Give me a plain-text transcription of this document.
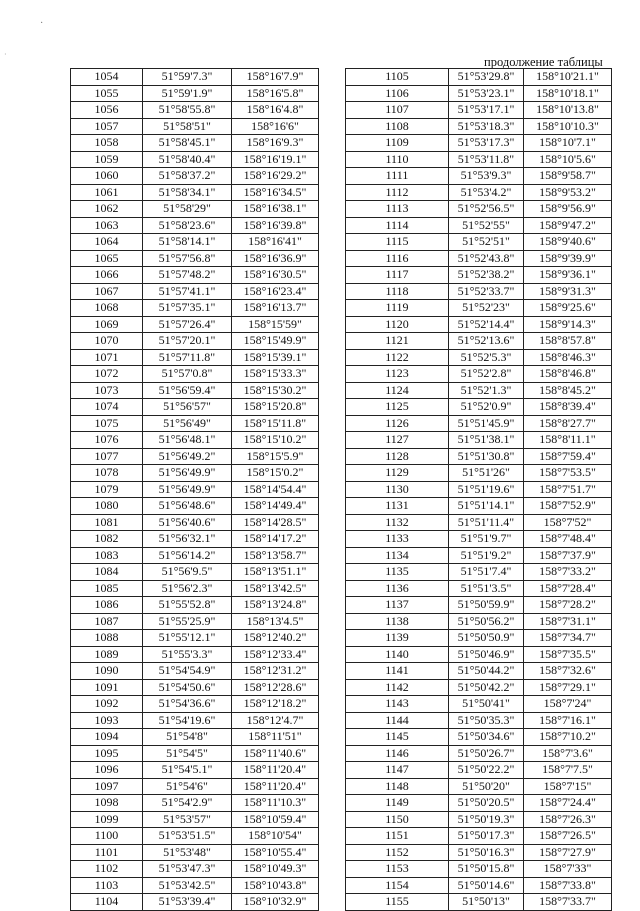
·
·
продолжение таблицы
1054	51°59'7.3"	158°16'7.9"
1055	51°59'1.9"	158°16'5.8"
1056	51°58'55.8"	158°16'4.8"
1057	51°58'51"	158°16'6"
1058	51°58'45.1"	158°16'9.3"
1059	51°58'40.4"	158°16'19.1"
1060	51°58'37.2"	158°16'29.2"
1061	51°58'34.1"	158°16'34.5"
1062	51°58'29"	158°16'38.1"
1063	51°58'23.6"	158°16'39.8"
1064	51°58'14.1"	158°16'41"
1065	51°57'56.8"	158°16'36.9"
1066	51°57'48.2"	158°16'30.5"
1067	51°57'41.1"	158°16'23.4"
1068	51°57'35.1"	158°16'13.7"
1069	51°57'26.4"	158°15'59"
1070	51°57'20.1"	158°15'49.9"
1071	51°57'11.8"	158°15'39.1"
1072	51°57'0.8"	158°15'33.3"
1073	51°56'59.4"	158°15'30.2"
1074	51°56'57"	158°15'20.8"
1075	51°56'49"	158°15'11.8"
1076	51°56'48.1"	158°15'10.2"
1077	51°56'49.2"	158°15'5.9"
1078	51°56'49.9"	158°15'0.2"
1079	51°56'49.9"	158°14'54.4"
1080	51°56'48.6"	158°14'49.4"
1081	51°56'40.6"	158°14'28.5"
1082	51°56'32.1"	158°14'17.2"
1083	51°56'14.2"	158°13'58.7"
1084	51°56'9.5"	158°13'51.1"
1085	51°56'2.3"	158°13'42.5"
1086	51°55'52.8"	158°13'24.8"
1087	51°55'25.9"	158°13'4.5"
1088	51°55'12.1"	158°12'40.2"
1089	51°55'3.3"	158°12'33.4"
1090	51°54'54.9"	158°12'31.2"
1091	51°54'50.6"	158°12'28.6"
1092	51°54'36.6"	158°12'18.2"
1093	51°54'19.6"	158°12'4.7"
1094	51°54'8"	158°11'51"
1095	51°54'5"	158°11'40.6"
1096	51°54'5.1"	158°11'20.4"
1097	51°54'6"	158°11'20.4"
1098	51°54'2.9"	158°11'10.3"
1099	51°53'57"	158°10'59.4"
1100	51°53'51.5"	158°10'54"
1101	51°53'48"	158°10'55.4"
1102	51°53'47.3"	158°10'49.3"
1103	51°53'42.5"	158°10'43.8"
1104	51°53'39.4"	158°10'32.9"
1105	51°53'29.8"	158°10'21.1"
1106	51°53'23.1"	158°10'18.1"
1107	51°53'17.1"	158°10'13.8"
1108	51°53'18.3"	158°10'10.3"
1109	51°53'17.3"	158°10'7.1"
1110	51°53'11.8"	158°10'5.6"
1111	51°53'9.3"	158°9'58.7"
1112	51°53'4.2"	158°9'53.2"
1113	51°52'56.5"	158°9'56.9"
1114	51°52'55"	158°9'47.2"
1115	51°52'51"	158°9'40.6"
1116	51°52'43.8"	158°9'39.9"
1117	51°52'38.2"	158°9'36.1"
1118	51°52'33.7"	158°9'31.3"
1119	51°52'23"	158°9'25.6"
1120	51°52'14.4"	158°9'14.3"
1121	51°52'13.6"	158°8'57.8"
1122	51°52'5.3"	158°8'46.3"
1123	51°52'2.8"	158°8'46.8"
1124	51°52'1.3"	158°8'45.2"
1125	51°52'0.9"	158°8'39.4"
1126	51°51'45.9"	158°8'27.7"
1127	51°51'38.1"	158°8'11.1"
1128	51°51'30.8"	158°7'59.4"
1129	51°51'26"	158°7'53.5"
1130	51°51'19.6"	158°7'51.7"
1131	51°51'14.1"	158°7'52.9"
1132	51°51'11.4"	158°7'52"
1133	51°51'9.7"	158°7'48.4"
1134	51°51'9.2"	158°7'37.9"
1135	51°51'7.4"	158°7'33.2"
1136	51°51'3.5"	158°7'28.4"
1137	51°50'59.9"	158°7'28.2"
1138	51°50'56.2"	158°7'31.1"
1139	51°50'50.9"	158°7'34.7"
1140	51°50'46.9"	158°7'35.5"
1141	51°50'44.2"	158°7'32.6"
1142	51°50'42.2"	158°7'29.1"
1143	51°50'41"	158°7'24"
1144	51°50'35.3"	158°7'16.1"
1145	51°50'34.6"	158°7'10.2"
1146	51°50'26.7"	158°7'3.6"
1147	51°50'22.2"	158°7'7.5"
1148	51°50'20"	158°7'15"
1149	51°50'20.5"	158°7'24.4"
1150	51°50'19.3"	158°7'26.3"
1151	51°50'17.3"	158°7'26.5"
1152	51°50'16.3"	158°7'27.9"
1153	51°50'15.8"	158°7'33"
1154	51°50'14.6"	158°7'33.8"
1155	51°50'13"	158°7'33.7"
